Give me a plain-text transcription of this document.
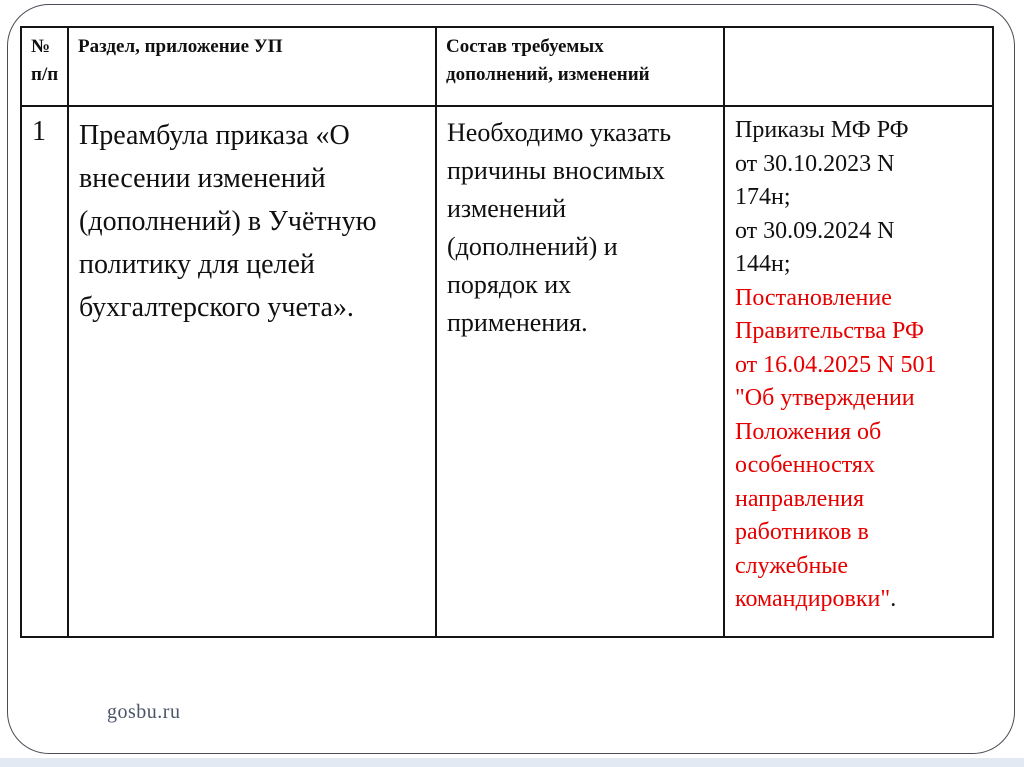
№
п/п	Раздел, приложение УП	Состав требуемых
дополнений, изменений	
1	Преамбула приказа «О
внесении изменений
(дополнений) в Учётную
политику для целей
бухгалтерского учета».	Необходимо указать
причины вносимых
изменений
(дополнений) и
порядок их
применения.	Приказы МФ РФ
от 30.10.2023 N
174н;
от 30.09.2024 N
144н;
Постановление
Правительства РФ
от 16.04.2025 N 501
"Об утверждении
Положения об
особенностях
направления
работников в
служебные
командировки".
gosbu.ru
